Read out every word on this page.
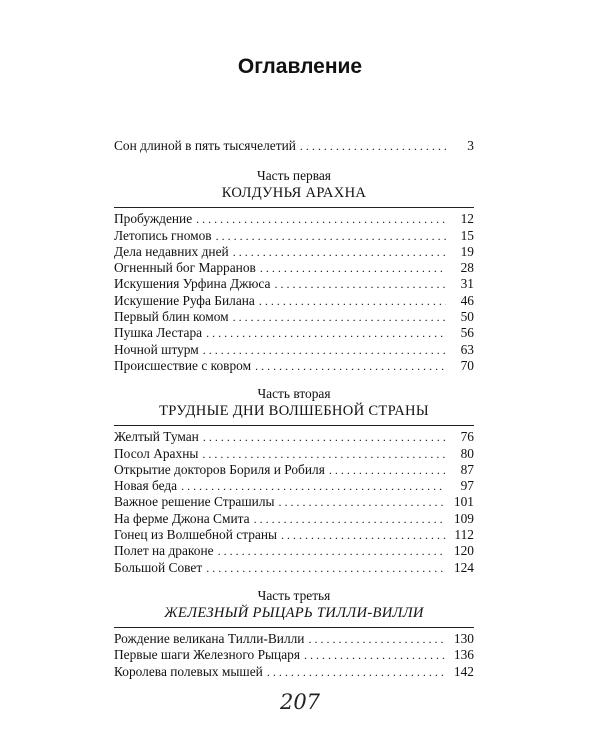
Оглавление
Сон длиной в пять тысячелетий . . .	3
Часть первая
КОЛДУНЬЯ АРАХНА
Пробуждение . . .	12
Летопись гномов . . .	15
Дела недавних дней . . .	19
Огненный бог Марранов . . .	28
Искушения Урфина Джюса . . .	31
Искушение Руфа Билана . . .	46
Первый блин комом . . .	50
Пушка Лестара . . .	56
Ночной штурм . . .	63
Происшествие с ковром . . .	70
Часть вторая
ТРУДНЫЕ ДНИ ВОЛШЕБНОЙ СТРАНЫ
Желтый Туман . . .	76
Посол Арахны . . .	80
Открытие докторов Бориля и Робиля . . .	87
Новая беда . . .	97
Важное решение Страшилы . . .	101
На ферме Джона Смита . . .	109
Гонец из Волшебной страны . . .	112
Полет на драконе . . .	120
Большой Совет . . .	124
Часть третья
ЖЕЛЕЗНЫЙ РЫЦАРЬ ТИЛЛИ-ВИЛЛИ
Рождение великана Тилли-Вилли . . .	130
Первые шаги Железного Рыцаря . . .	136
Королева полевых мышей . . .	142
207
